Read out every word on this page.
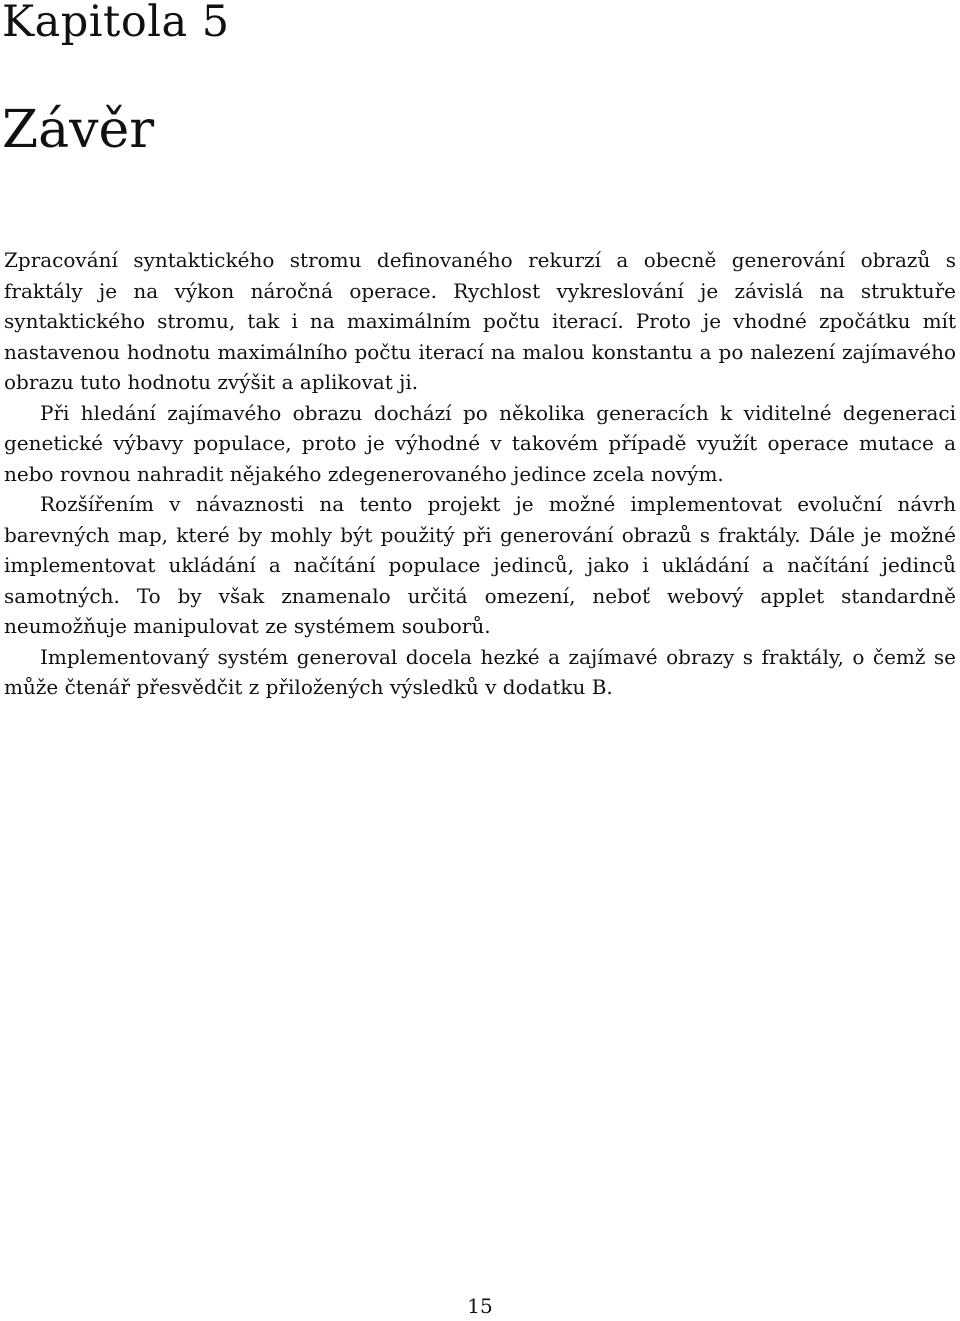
Kapitola 5
Závěr

Zpracování syntaktického stromu definovaného rekurzí a obecně generování obrazů s fraktály je na výkon náročná operace. Rychlost vykreslování je závislá na struktuře syntaktického stromu, tak i na maximálním počtu iterací. Proto je vhodné zpočátku mít nastavenou hodnotu maximálního počtu iterací na malou konstantu a po nalezení zajímavého obrazu tuto hodnotu zvýšit a aplikovat ji.

Při hledání zajímavého obrazu dochází po několika generacích k viditelné degeneraci genetické výbavy populace, proto je výhodné v takovém případě využít operace mutace a nebo rovnou nahradit nějakého zdegenerovaného jedince zcela novým.

Rozšířením v návaznosti na tento projekt je možné implementovat evoluční návrh barevných map, které by mohly být použitý při generování obrazů s fraktály. Dále je možné implementovat ukládání a načítání populace jedinců, jako i ukládání a načítání jedinců samotných. To by však znamenalo určitá omezení, neboť webový applet standardně neumožňuje manipulovat ze systémem souborů.

Implementovaný systém generoval docela hezké a zajímavé obrazy s fraktály, o čemž se může čtenář přesvědčit z přiložených výsledků v dodatku B.

15
